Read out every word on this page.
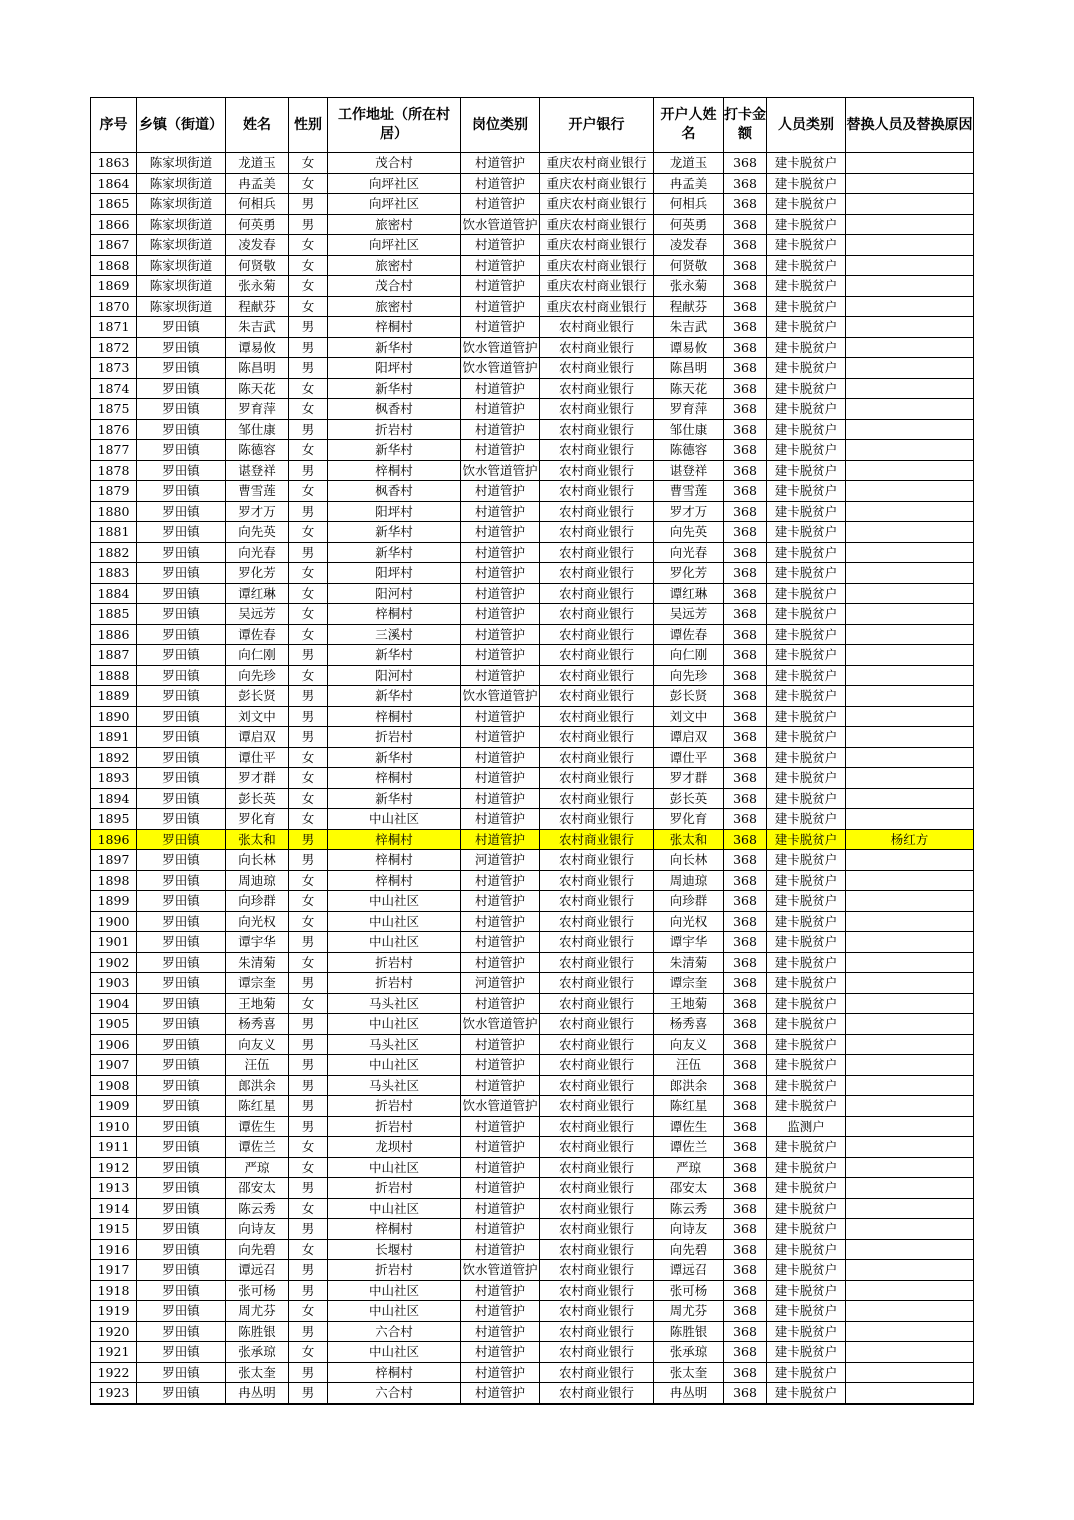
序号	乡镇（街道）	姓名	性别	工作地址（所在村居）	岗位类别	开户银行	开户人姓名	打卡金额	人员类别	替换人员及替换原因
1863	陈家坝街道	龙道玉	女	茂合村	村道管护	重庆农村商业银行	龙道玉	368	建卡脱贫户	
1864	陈家坝街道	冉孟美	女	向坪社区	村道管护	重庆农村商业银行	冉孟美	368	建卡脱贫户	
1865	陈家坝街道	何相兵	男	向坪社区	村道管护	重庆农村商业银行	何相兵	368	建卡脱贫户	
1866	陈家坝街道	何英勇	男	旅密村	饮水管道管护	重庆农村商业银行	何英勇	368	建卡脱贫户	
1867	陈家坝街道	凌发春	女	向坪社区	村道管护	重庆农村商业银行	凌发春	368	建卡脱贫户	
1868	陈家坝街道	何贤敬	女	旅密村	村道管护	重庆农村商业银行	何贤敬	368	建卡脱贫户	
1869	陈家坝街道	张永菊	女	茂合村	村道管护	重庆农村商业银行	张永菊	368	建卡脱贫户	
1870	陈家坝街道	程献芬	女	旅密村	村道管护	重庆农村商业银行	程献芬	368	建卡脱贫户	
1871	罗田镇	朱吉武	男	梓桐村	村道管护	农村商业银行	朱吉武	368	建卡脱贫户	
1872	罗田镇	谭易攸	男	新华村	饮水管道管护	农村商业银行	谭易攸	368	建卡脱贫户	
1873	罗田镇	陈昌明	男	阳坪村	饮水管道管护	农村商业银行	陈昌明	368	建卡脱贫户	
1874	罗田镇	陈天花	女	新华村	村道管护	农村商业银行	陈天花	368	建卡脱贫户	
1875	罗田镇	罗育萍	女	枫香村	村道管护	农村商业银行	罗育萍	368	建卡脱贫户	
1876	罗田镇	邹仕康	男	折岩村	村道管护	农村商业银行	邹仕康	368	建卡脱贫户	
1877	罗田镇	陈德容	女	新华村	村道管护	农村商业银行	陈德容	368	建卡脱贫户	
1878	罗田镇	谌登祥	男	梓桐村	饮水管道管护	农村商业银行	谌登祥	368	建卡脱贫户	
1879	罗田镇	曹雪莲	女	枫香村	村道管护	农村商业银行	曹雪莲	368	建卡脱贫户	
1880	罗田镇	罗才万	男	阳坪村	村道管护	农村商业银行	罗才万	368	建卡脱贫户	
1881	罗田镇	向先英	女	新华村	村道管护	农村商业银行	向先英	368	建卡脱贫户	
1882	罗田镇	向光春	男	新华村	村道管护	农村商业银行	向光春	368	建卡脱贫户	
1883	罗田镇	罗化芳	女	阳坪村	村道管护	农村商业银行	罗化芳	368	建卡脱贫户	
1884	罗田镇	谭红琳	女	阳河村	村道管护	农村商业银行	谭红琳	368	建卡脱贫户	
1885	罗田镇	吴远芳	女	梓桐村	村道管护	农村商业银行	吴远芳	368	建卡脱贫户	
1886	罗田镇	谭佐春	女	三溪村	村道管护	农村商业银行	谭佐春	368	建卡脱贫户	
1887	罗田镇	向仁刚	男	新华村	村道管护	农村商业银行	向仁刚	368	建卡脱贫户	
1888	罗田镇	向先珍	女	阳河村	村道管护	农村商业银行	向先珍	368	建卡脱贫户	
1889	罗田镇	彭长贤	男	新华村	饮水管道管护	农村商业银行	彭长贤	368	建卡脱贫户	
1890	罗田镇	刘文中	男	梓桐村	村道管护	农村商业银行	刘文中	368	建卡脱贫户	
1891	罗田镇	谭启双	男	折岩村	村道管护	农村商业银行	谭启双	368	建卡脱贫户	
1892	罗田镇	谭仕平	女	新华村	村道管护	农村商业银行	谭仕平	368	建卡脱贫户	
1893	罗田镇	罗才群	女	梓桐村	村道管护	农村商业银行	罗才群	368	建卡脱贫户	
1894	罗田镇	彭长英	女	新华村	村道管护	农村商业银行	彭长英	368	建卡脱贫户	
1895	罗田镇	罗化育	女	中山社区	村道管护	农村商业银行	罗化育	368	建卡脱贫户	
1896	罗田镇	张太和	男	梓桐村	村道管护	农村商业银行	张太和	368	建卡脱贫户	杨红方
1897	罗田镇	向长林	男	梓桐村	河道管护	农村商业银行	向长林	368	建卡脱贫户	
1898	罗田镇	周迪琼	女	梓桐村	村道管护	农村商业银行	周迪琼	368	建卡脱贫户	
1899	罗田镇	向珍群	女	中山社区	村道管护	农村商业银行	向珍群	368	建卡脱贫户	
1900	罗田镇	向光权	女	中山社区	村道管护	农村商业银行	向光权	368	建卡脱贫户	
1901	罗田镇	谭宇华	男	中山社区	村道管护	农村商业银行	谭宇华	368	建卡脱贫户	
1902	罗田镇	朱清菊	女	折岩村	村道管护	农村商业银行	朱清菊	368	建卡脱贫户	
1903	罗田镇	谭宗奎	男	折岩村	河道管护	农村商业银行	谭宗奎	368	建卡脱贫户	
1904	罗田镇	王地菊	女	马头社区	村道管护	农村商业银行	王地菊	368	建卡脱贫户	
1905	罗田镇	杨秀喜	男	中山社区	饮水管道管护	农村商业银行	杨秀喜	368	建卡脱贫户	
1906	罗田镇	向友义	男	马头社区	村道管护	农村商业银行	向友义	368	建卡脱贫户	
1907	罗田镇	汪伍	男	中山社区	村道管护	农村商业银行	汪伍	368	建卡脱贫户	
1908	罗田镇	郎洪余	男	马头社区	村道管护	农村商业银行	郎洪余	368	建卡脱贫户	
1909	罗田镇	陈红星	男	折岩村	饮水管道管护	农村商业银行	陈红星	368	建卡脱贫户	
1910	罗田镇	谭佐生	男	折岩村	村道管护	农村商业银行	谭佐生	368	监测户	
1911	罗田镇	谭佐兰	女	龙坝村	村道管护	农村商业银行	谭佐兰	368	建卡脱贫户	
1912	罗田镇	严琼	女	中山社区	村道管护	农村商业银行	严琼	368	建卡脱贫户	
1913	罗田镇	邵安太	男	折岩村	村道管护	农村商业银行	邵安太	368	建卡脱贫户	
1914	罗田镇	陈云秀	女	中山社区	村道管护	农村商业银行	陈云秀	368	建卡脱贫户	
1915	罗田镇	向诗友	男	梓桐村	村道管护	农村商业银行	向诗友	368	建卡脱贫户	
1916	罗田镇	向先碧	女	长堰村	村道管护	农村商业银行	向先碧	368	建卡脱贫户	
1917	罗田镇	谭远召	男	折岩村	饮水管道管护	农村商业银行	谭远召	368	建卡脱贫户	
1918	罗田镇	张可杨	男	中山社区	村道管护	农村商业银行	张可杨	368	建卡脱贫户	
1919	罗田镇	周尤芬	女	中山社区	村道管护	农村商业银行	周尤芬	368	建卡脱贫户	
1920	罗田镇	陈胜银	男	六合村	村道管护	农村商业银行	陈胜银	368	建卡脱贫户	
1921	罗田镇	张承琼	女	中山社区	村道管护	农村商业银行	张承琼	368	建卡脱贫户	
1922	罗田镇	张太奎	男	梓桐村	村道管护	农村商业银行	张太奎	368	建卡脱贫户	
1923	罗田镇	冉丛明	男	六合村	村道管护	农村商业银行	冉丛明	368	建卡脱贫户	
